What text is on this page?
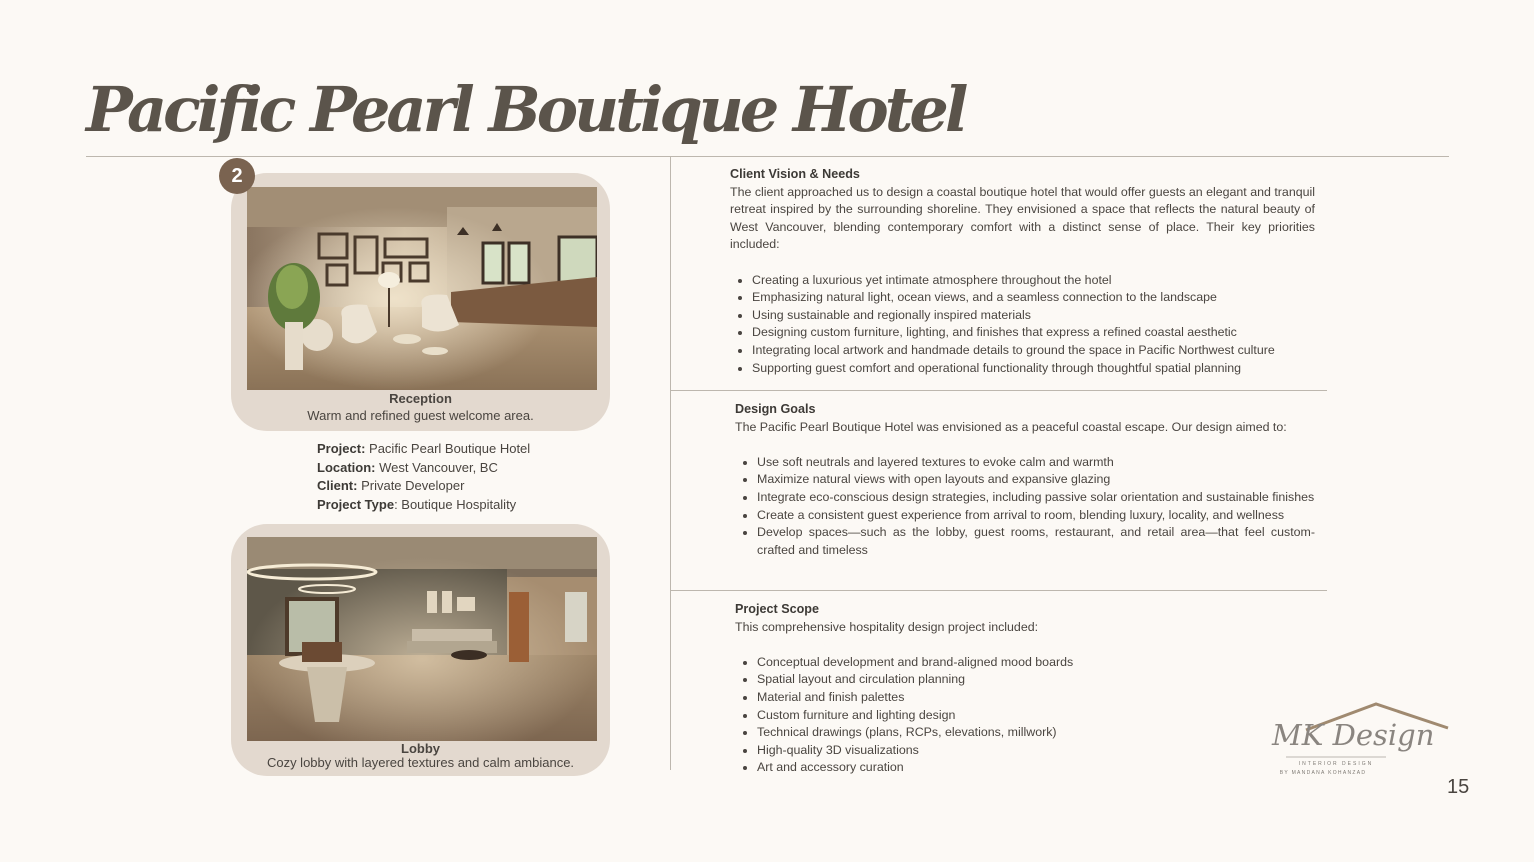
Pacific Pearl Boutique Hotel
2
Reception
Warm and refined guest welcome area.
Project: Pacific Pearl Boutique Hotel
Location: West Vancouver, BC
Client: Private Developer
Project Type: Boutique Hospitality
Lobby
Cozy lobby with layered textures and calm ambiance.
Client Vision & Needs

The client approached us to design a coastal boutique hotel that would offer guests an elegant and tranquil retreat inspired by the surrounding shoreline. They envisioned a space that reflects the natural beauty of West Vancouver, blending contemporary comfort with a distinct sense of place. Their key priorities included:

• Creating a luxurious yet intimate atmosphere throughout the hotel
• Emphasizing natural light, ocean views, and a seamless connection to the landscape
• Using sustainable and regionally inspired materials
• Designing custom furniture, lighting, and finishes that express a refined coastal aesthetic
• Integrating local artwork and handmade details to ground the space in Pacific Northwest culture
• Supporting guest comfort and operational functionality through thoughtful spatial planning
Design Goals

The Pacific Pearl Boutique Hotel was envisioned as a peaceful coastal escape. Our design aimed to:

• Use soft neutrals and layered textures to evoke calm and warmth
• Maximize natural views with open layouts and expansive glazing
• Integrate eco-conscious design strategies, including passive solar orientation and sustainable finishes
• Create a consistent guest experience from arrival to room, blending luxury, locality, and wellness
• Develop spaces—such as the lobby, guest rooms, restaurant, and retail area—that feel custom-crafted and timeless
Project Scope

This comprehensive hospitality design project included:

• Conceptual development and brand-aligned mood boards
• Spatial layout and circulation planning
• Material and finish palettes
• Custom furniture and lighting design
• Technical drawings (plans, RCPs, elevations, millwork)
• High-quality 3D visualizations
• Art and accessory curation
MK Design
INTERIOR DESIGN
BY MANDANA KOHANZAD
15
